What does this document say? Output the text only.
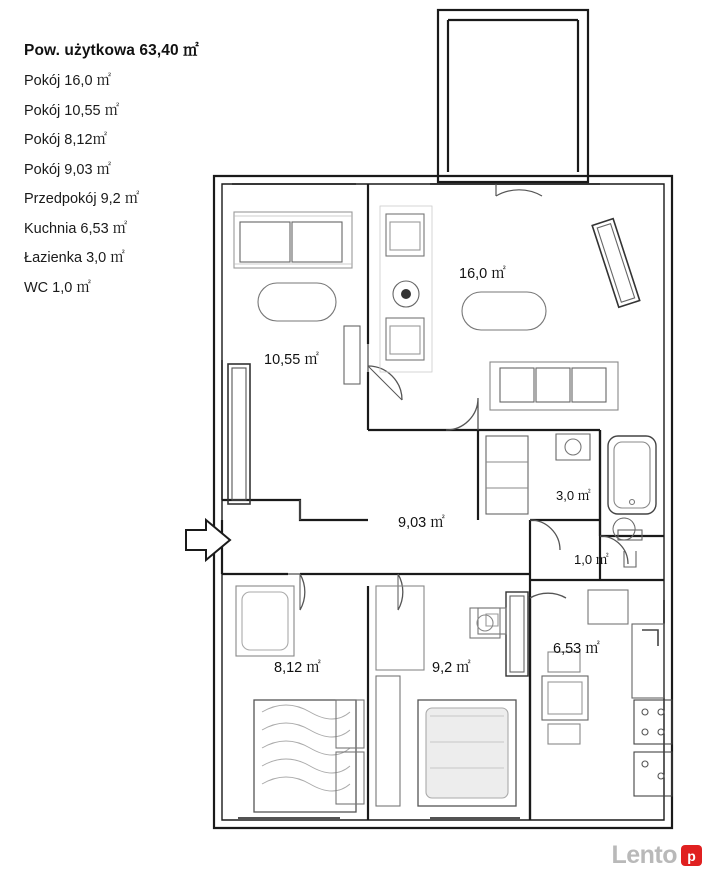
Pow. użytkowa 63,40 ㎡
Pokój 16,0 ㎡
Pokój 10,55 ㎡
Pokój 8,12㎡
Pokój 9,03 ㎡
Przedpokój 9,2 ㎡
Kuchnia 6,53 ㎡
Łazienka 3,0 ㎡
WC 1,0 ㎡
16,0 ㎡
10,55 ㎡
3,0 ㎡
9,03 ㎡
1,0 ㎡
6,53 ㎡
8,12 ㎡	9,2 ㎡
Lento p
